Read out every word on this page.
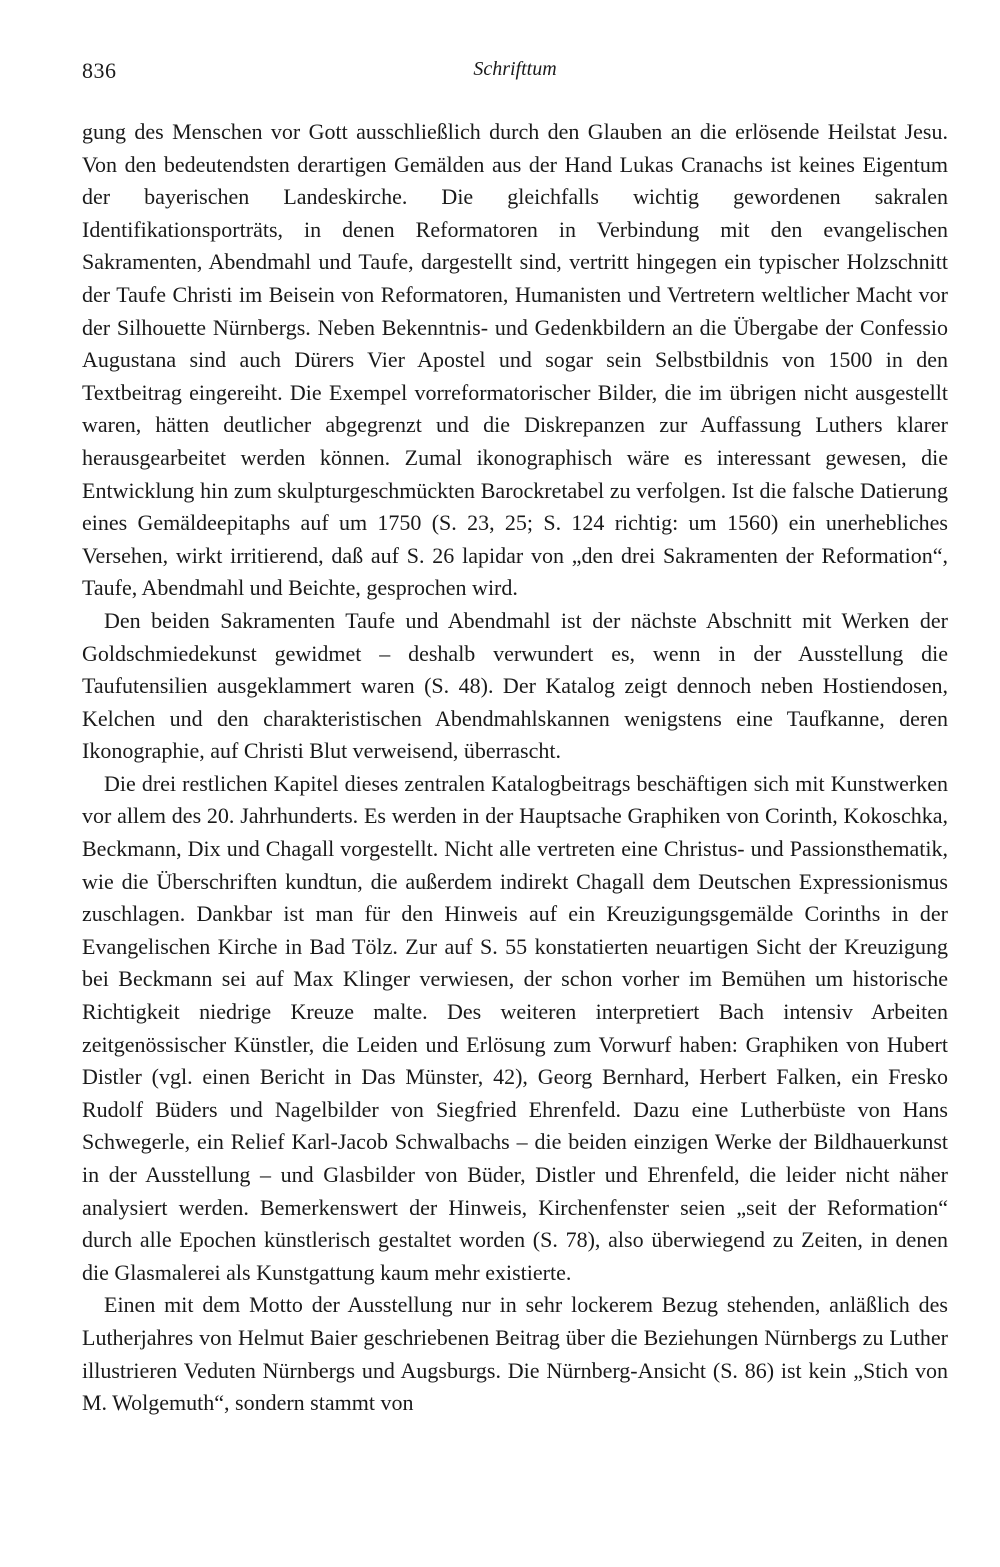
836	Schrifttum

gung des Menschen vor Gott ausschließlich durch den Glauben an die erlösende Heilstat Jesu. Von den bedeutendsten derartigen Gemälden aus der Hand Lukas Cranachs ist keines Eigentum der bayerischen Landeskirche. Die gleichfalls wichtig gewordenen sakralen Identifikationsporträts, in denen Reformatoren in Verbindung mit den evangelischen Sakramenten, Abendmahl und Taufe, dargestellt sind, vertritt hingegen ein typischer Holzschnitt der Taufe Christi im Beisein von Reformatoren, Humanisten und Vertretern weltlicher Macht vor der Silhouette Nürnbergs. Neben Bekenntnis- und Gedenkbildern an die Übergabe der Confessio Augustana sind auch Dürers Vier Apostel und sogar sein Selbstbildnis von 1500 in den Textbeitrag eingereiht. Die Exempel vorreformatorischer Bilder, die im übrigen nicht ausgestellt waren, hätten deutlicher abgegrenzt und die Diskrepanzen zur Auffassung Luthers klarer herausgearbeitet werden können. Zumal ikonographisch wäre es interessant gewesen, die Entwicklung hin zum skulpturgeschmückten Barockretabel zu verfolgen. Ist die falsche Datierung eines Gemäldeepitaphs auf um 1750 (S. 23, 25; S. 124 richtig: um 1560) ein unerhebliches Versehen, wirkt irritierend, daß auf S. 26 lapidar von „den drei Sakramenten der Reformation“, Taufe, Abendmahl und Beichte, gesprochen wird.

Den beiden Sakramenten Taufe und Abendmahl ist der nächste Abschnitt mit Werken der Goldschmiedekunst gewidmet – deshalb verwundert es, wenn in der Ausstellung die Taufutensilien ausgeklammert waren (S. 48). Der Katalog zeigt dennoch neben Hostiendosen, Kelchen und den charakteristischen Abendmahlskannen wenigstens eine Taufkanne, deren Ikonographie, auf Christi Blut verweisend, überrascht.

Die drei restlichen Kapitel dieses zentralen Katalogbeitrags beschäftigen sich mit Kunstwerken vor allem des 20. Jahrhunderts. Es werden in der Hauptsache Graphiken von Corinth, Kokoschka, Beckmann, Dix und Chagall vorgestellt. Nicht alle vertreten eine Christus- und Passionsthematik, wie die Überschriften kundtun, die außerdem indirekt Chagall dem Deutschen Expressionismus zuschlagen. Dankbar ist man für den Hinweis auf ein Kreuzigungsgemälde Corinths in der Evangelischen Kirche in Bad Tölz. Zur auf S. 55 konstatierten neuartigen Sicht der Kreuzigung bei Beckmann sei auf Max Klinger verwiesen, der schon vorher im Bemühen um historische Richtigkeit niedrige Kreuze malte. Des weiteren interpretiert Bach intensiv Arbeiten zeitgenössischer Künstler, die Leiden und Erlösung zum Vorwurf haben: Graphiken von Hubert Distler (vgl. einen Bericht in Das Münster, 42), Georg Bernhard, Herbert Falken, ein Fresko Rudolf Büders und Nagelbilder von Siegfried Ehrenfeld. Dazu eine Lutherbüste von Hans Schwegerle, ein Relief Karl-Jacob Schwalbachs – die beiden einzigen Werke der Bildhauerkunst in der Ausstellung – und Glasbilder von Büder, Distler und Ehrenfeld, die leider nicht näher analysiert werden. Bemerkenswert der Hinweis, Kirchenfenster seien „seit der Reformation“ durch alle Epochen künstlerisch gestaltet worden (S. 78), also überwiegend zu Zeiten, in denen die Glasmalerei als Kunstgattung kaum mehr existierte.

Einen mit dem Motto der Ausstellung nur in sehr lockerem Bezug stehenden, anläßlich des Lutherjahres von Helmut Baier geschriebenen Beitrag über die Beziehungen Nürnbergs zu Luther illustrieren Veduten Nürnbergs und Augsburgs. Die Nürnberg-Ansicht (S. 86) ist kein „Stich von M. Wolgemuth“, sondern stammt von
